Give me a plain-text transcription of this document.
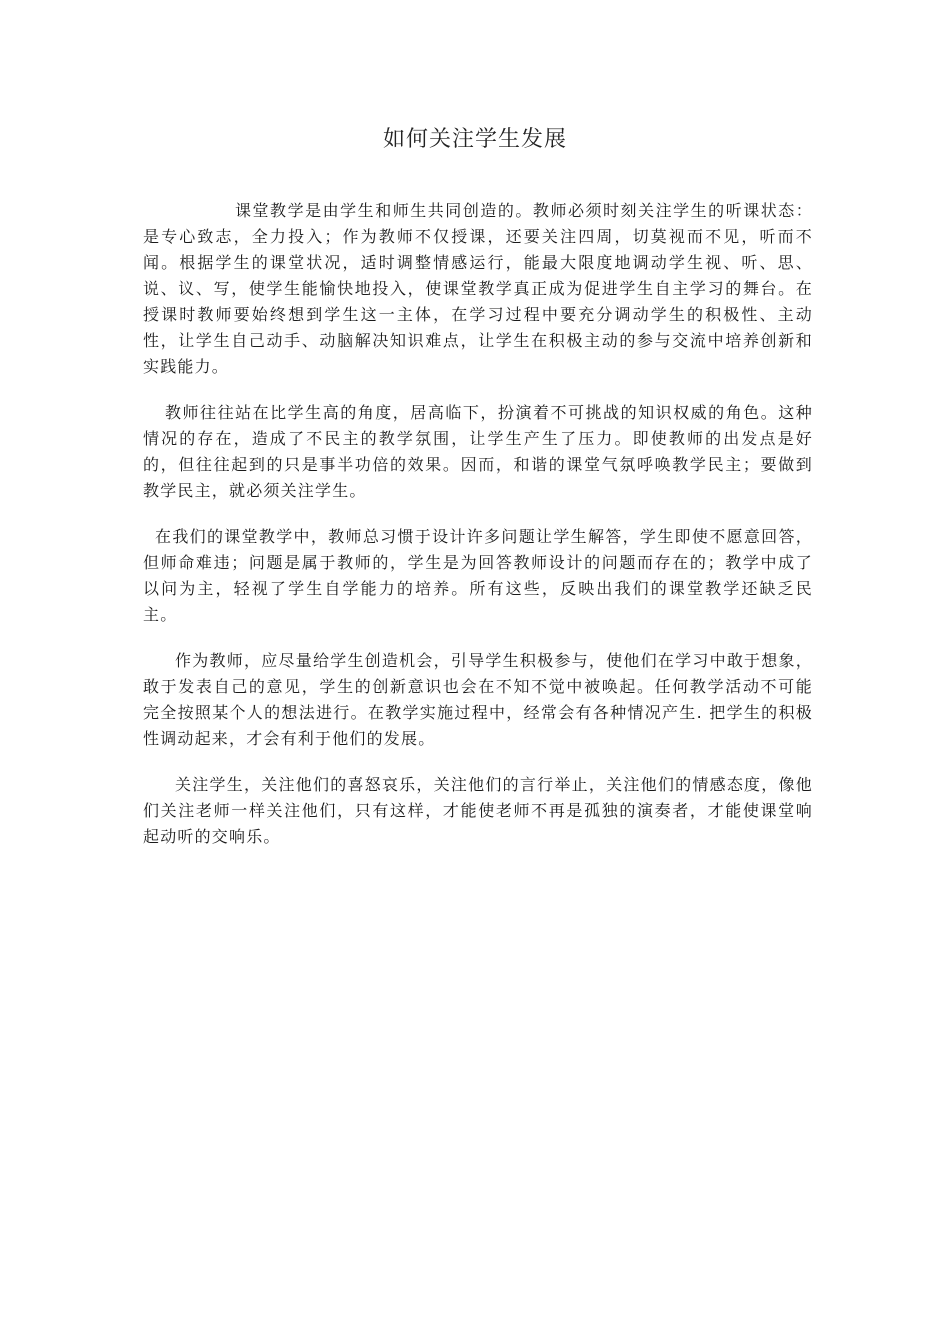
如何关注学生发展

课堂教学是由学生和师生共同创造的。教师必须时刻关注学生的听课状态：是专心致志，全力投入；作为教师不仅授课，还要关注四周，切莫视而不见，听而不闻。根据学生的课堂状况，适时调整情感运行，能最大限度地调动学生视、听、思、说、议、写，使学生能愉快地投入，使课堂教学真正成为促进学生自主学习的舞台。在授课时教师要始终想到学生这一主体，在学习过程中要充分调动学生的积极性、主动性，让学生自己动手、动脑解决知识难点，让学生在积极主动的参与交流中培养创新和实践能力。

教师往往站在比学生高的角度，居高临下，扮演着不可挑战的知识权威的角色。这种情况的存在，造成了不民主的教学氛围，让学生产生了压力。即使教师的出发点是好的，但往往起到的只是事半功倍的效果。因而，和谐的课堂气氛呼唤教学民主；要做到教学民主，就必须关注学生。

在我们的课堂教学中，教师总习惯于设计许多问题让学生解答，学生即使不愿意回答，但师命难违；问题是属于教师的，学生是为回答教师设计的问题而存在的；教学中成了以问为主，轻视了学生自学能力的培养。所有这些，反映出我们的课堂教学还缺乏民主。

作为教师，应尽量给学生创造机会，引导学生积极参与，使他们在学习中敢于想象，敢于发表自己的意见，学生的创新意识也会在不知不觉中被唤起。任何教学活动不可能完全按照某个人的想法进行。在教学实施过程中，经常会有各种情况产生. 把学生的积极性调动起来，才会有利于他们的发展。

关注学生，关注他们的喜怒哀乐，关注他们的言行举止，关注他们的情感态度，像他们关注老师一样关注他们，只有这样，才能使老师不再是孤独的演奏者，才能使课堂响起动听的交响乐。
